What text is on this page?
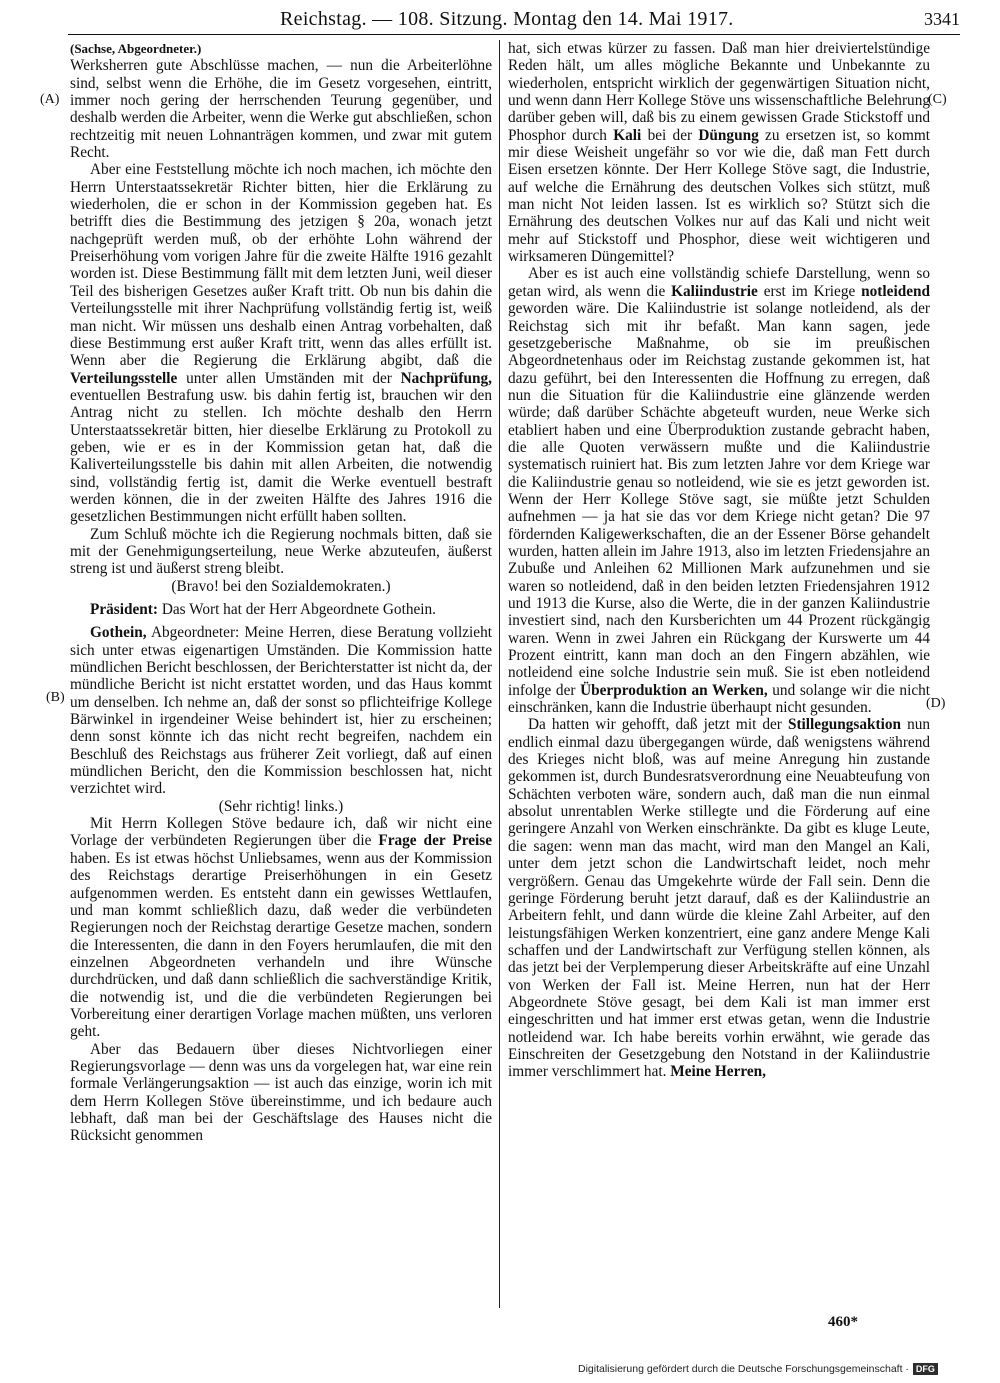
Reichstag. — 108. Sitzung. Montag den 14. Mai 1917.	3341
(A)
(B)
(C)
(D)

(Sachse, Abgeordneter.)

Werksherren gute Abschlüsse machen, — nun die Arbeiterlöhne sind, selbst wenn die Erhöhe, die im Gesetz vorgesehen, eintritt, immer noch gering der herrschenden Teurung gegenüber, und deshalb werden die Arbeiter, wenn die Werke gut abschließen, schon rechtzeitig mit neuen Lohnanträgen kommen, und zwar mit gutem Recht.

Aber eine Feststellung möchte ich noch machen, ich möchte den Herrn Unterstaatssekretär Richter bitten, hier die Erklärung zu wiederholen, die er schon in der Kommission gegeben hat. Es betrifft dies die Bestimmung des jetzigen § 20a, wonach jetzt nachgeprüft werden muß, ob der erhöhte Lohn während der Preiserhöhung vom vorigen Jahre für die zweite Hälfte 1916 gezahlt worden ist. Diese Bestimmung fällt mit dem letzten Juni, weil dieser Teil des bisherigen Gesetzes außer Kraft tritt. Ob nun bis dahin die Verteilungsstelle mit ihrer Nachprüfung vollständig fertig ist, weiß man nicht. Wir müssen uns deshalb einen Antrag vorbehalten, daß diese Bestimmung erst außer Kraft tritt, wenn das alles erfüllt ist. Wenn aber die Regierung die Erklärung abgibt, daß die Verteilungsstelle unter allen Umständen mit der Nachprüfung, eventuellen Bestrafung usw. bis dahin fertig ist, brauchen wir den Antrag nicht zu stellen. Ich möchte deshalb den Herrn Unterstaatssekretär bitten, hier dieselbe Erklärung zu Protokoll zu geben, wie er es in der Kommission getan hat, daß die Kaliverteilungsstelle bis dahin mit allen Arbeiten, die notwendig sind, vollständig fertig ist, damit die Werke eventuell bestraft werden können, die in der zweiten Hälfte des Jahres 1916 die gesetzlichen Bestimmungen nicht erfüllt haben sollten.

Zum Schluß möchte ich die Regierung nochmals bitten, daß sie mit der Genehmigungserteilung, neue Werke abzuteufen, äußerst streng ist und äußerst streng bleibt.

(Bravo! bei den Sozialdemokraten.)

Präsident: Das Wort hat der Herr Abgeordnete Gothein.

Gothein, Abgeordneter: Meine Herren, diese Beratung vollzieht sich unter etwas eigenartigen Umständen. Die Kommission hatte mündlichen Bericht beschlossen, der Berichterstatter ist nicht da, der mündliche Bericht ist nicht erstattet worden, und das Haus kommt um denselben. Ich nehme an, daß der sonst so pflichteifrige Kollege Bärwinkel in irgendeiner Weise behindert ist, hier zu erscheinen; denn sonst könnte ich das nicht recht begreifen, nachdem ein Beschluß des Reichstags aus früherer Zeit vorliegt, daß auf einen mündlichen Bericht, den die Kommission beschlossen hat, nicht verzichtet wird.

(Sehr richtig! links.)

Mit Herrn Kollegen Stöve bedaure ich, daß wir nicht eine Vorlage der verbündeten Regierungen über die Frage der Preise haben. Es ist etwas höchst Unliebsames, wenn aus der Kommission des Reichstags derartige Preiserhöhungen in ein Gesetz aufgenommen werden. Es entsteht dann ein gewisses Wettlaufen, und man kommt schließlich dazu, daß weder die verbündeten Regierungen noch der Reichstag derartige Gesetze machen, sondern die Interessenten, die dann in den Foyers herumlaufen, die mit den einzelnen Abgeordneten verhandeln und ihre Wünsche durchdrücken, und daß dann schließlich die sachverständige Kritik, die notwendig ist, und die die verbündeten Regierungen bei Vorbereitung einer derartigen Vorlage machen müßten, uns verloren geht.

Aber das Bedauern über dieses Nichtvorliegen einer Regierungsvorlage — denn was uns da vorgelegen hat, war eine rein formale Verlängerungsaktion — ist auch das einzige, worin ich mit dem Herrn Kollegen Stöve übereinstimme, und ich bedaure auch lebhaft, daß man bei der Geschäftslage des Hauses nicht die Rücksicht genommen

hat, sich etwas kürzer zu fassen. Daß man hier dreiviertelstündige Reden hält, um alles mögliche Bekannte und Unbekannte zu wiederholen, entspricht wirklich der gegenwärtigen Situation nicht, und wenn dann Herr Kollege Stöve uns wissenschaftliche Belehrung darüber geben will, daß bis zu einem gewissen Grade Stickstoff und Phosphor durch Kali bei der Düngung zu ersetzen ist, so kommt mir diese Weisheit ungefähr so vor wie die, daß man Fett durch Eisen ersetzen könnte. Der Herr Kollege Stöve sagt, die Industrie, auf welche die Ernährung des deutschen Volkes sich stützt, muß man nicht Not leiden lassen. Ist es wirklich so? Stützt sich die Ernährung des deutschen Volkes nur auf das Kali und nicht weit mehr auf Stickstoff und Phosphor, diese weit wichtigeren und wirksameren Düngemittel?

Aber es ist auch eine vollständig schiefe Darstellung, wenn so getan wird, als wenn die Kaliindustrie erst im Kriege notleidend geworden wäre. Die Kaliindustrie ist solange notleidend, als der Reichstag sich mit ihr befaßt. Man kann sagen, jede gesetzgeberische Maßnahme, ob sie im preußischen Abgeordnetenhaus oder im Reichstag zustande gekommen ist, hat dazu geführt, bei den Interessenten die Hoffnung zu erregen, daß nun die Situation für die Kaliindustrie eine glänzende werden würde; daß darüber Schächte abgeteuft wurden, neue Werke sich etabliert haben und eine Überproduktion zustande gebracht haben, die alle Quoten verwässern mußte und die Kaliindustrie systematisch ruiniert hat. Bis zum letzten Jahre vor dem Kriege war die Kaliindustrie genau so notleidend, wie sie es jetzt geworden ist. Wenn der Herr Kollege Stöve sagt, sie müßte jetzt Schulden aufnehmen — ja hat sie das vor dem Kriege nicht getan? Die 97 fördernden Kaligewerkschaften, die an der Essener Börse gehandelt wurden, hatten allein im Jahre 1913, also im letzten Friedensjahre an Zubuße und Anleihen 62 Millionen Mark aufzunehmen und sie waren so notleidend, daß in den beiden letzten Friedensjahren 1912 und 1913 die Kurse, also die Werte, die in der ganzen Kaliindustrie investiert sind, nach den Kursberichten um 44 Prozent rückgängig waren. Wenn in zwei Jahren ein Rückgang der Kurswerte um 44 Prozent eintritt, kann man doch an den Fingern abzählen, wie notleidend eine solche Industrie sein muß. Sie ist eben notleidend infolge der Überproduktion an Werken, und solange wir die nicht einschränken, kann die Industrie überhaupt nicht gesunden.

Da hatten wir gehofft, daß jetzt mit der Stillegungsaktion nun endlich einmal dazu übergegangen würde, daß wenigstens während des Krieges nicht bloß, was auf meine Anregung hin zustande gekommen ist, durch Bundesratsverordnung eine Neuabteufung von Schächten verboten wäre, sondern auch, daß man die nun einmal absolut unrentablen Werke stillegte und die Förderung auf eine geringere Anzahl von Werken einschränkte. Da gibt es kluge Leute, die sagen: wenn man das macht, wird man den Mangel an Kali, unter dem jetzt schon die Landwirtschaft leidet, noch mehr vergrößern. Genau das Umgekehrte würde der Fall sein. Denn die geringe Förderung beruht jetzt darauf, daß es der Kaliindustrie an Arbeitern fehlt, und dann würde die kleine Zahl Arbeiter, auf den leistungsfähigen Werken konzentriert, eine ganz andere Menge Kali schaffen und der Landwirtschaft zur Verfügung stellen können, als das jetzt bei der Verplemperung dieser Arbeitskräfte auf eine Unzahl von Werken der Fall ist. Meine Herren, nun hat der Herr Abgeordnete Stöve gesagt, bei dem Kali ist man immer erst eingeschritten und hat immer erst etwas getan, wenn die Industrie notleidend war. Ich habe bereits vorhin erwähnt, wie gerade das Einschreiten der Gesetzgebung den Notstand in der Kaliindustrie immer verschlimmert hat. Meine Herren,

460*
Digitalisierung gefördert durch die Deutsche Forschungsgemeinschaft · DFG
